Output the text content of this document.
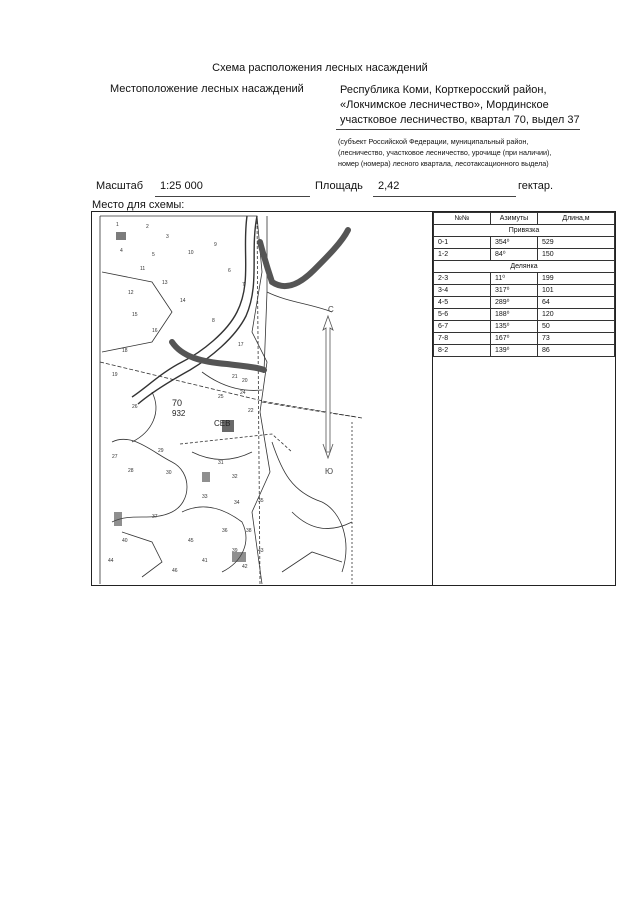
Схема расположения лесных насаждений
Местоположение лесных насаждений	Республика Коми, Корткеросский район,
«Локчимское лесничество», Мординское
участковое лесничество, квартал 70, выдел 37
(субъект Российской Федерации, муниципальный район,
(лесничество, участковое лесничество, урочище (при наличии),
номер (номера) лесного квартала, лесотаксационного выдела)
Масштаб 1:25 000	Площадь 2,42	гектар.
Место для схемы:
1	2
3
4
5
6
7
8
9
10
11
12
13
14
15
16
17
18
19
20
21
22
24
25
26
27
28
29
30
31
32
33
34	35
36
37
38
39
40
41
42
43
44
45
46
70
932
СЕВ
С
Ю
№№	Азимуты	Длина,м
Привязка		
0-1	354⁰	529
1-2	84⁰	150
Делянка		
2-3	11⁰	199
3-4	317⁰	101
4-5	289⁰	64
5-6	188⁰	120
6-7	135⁰	50
7-8	167⁰	73
8-2	139⁰	86
